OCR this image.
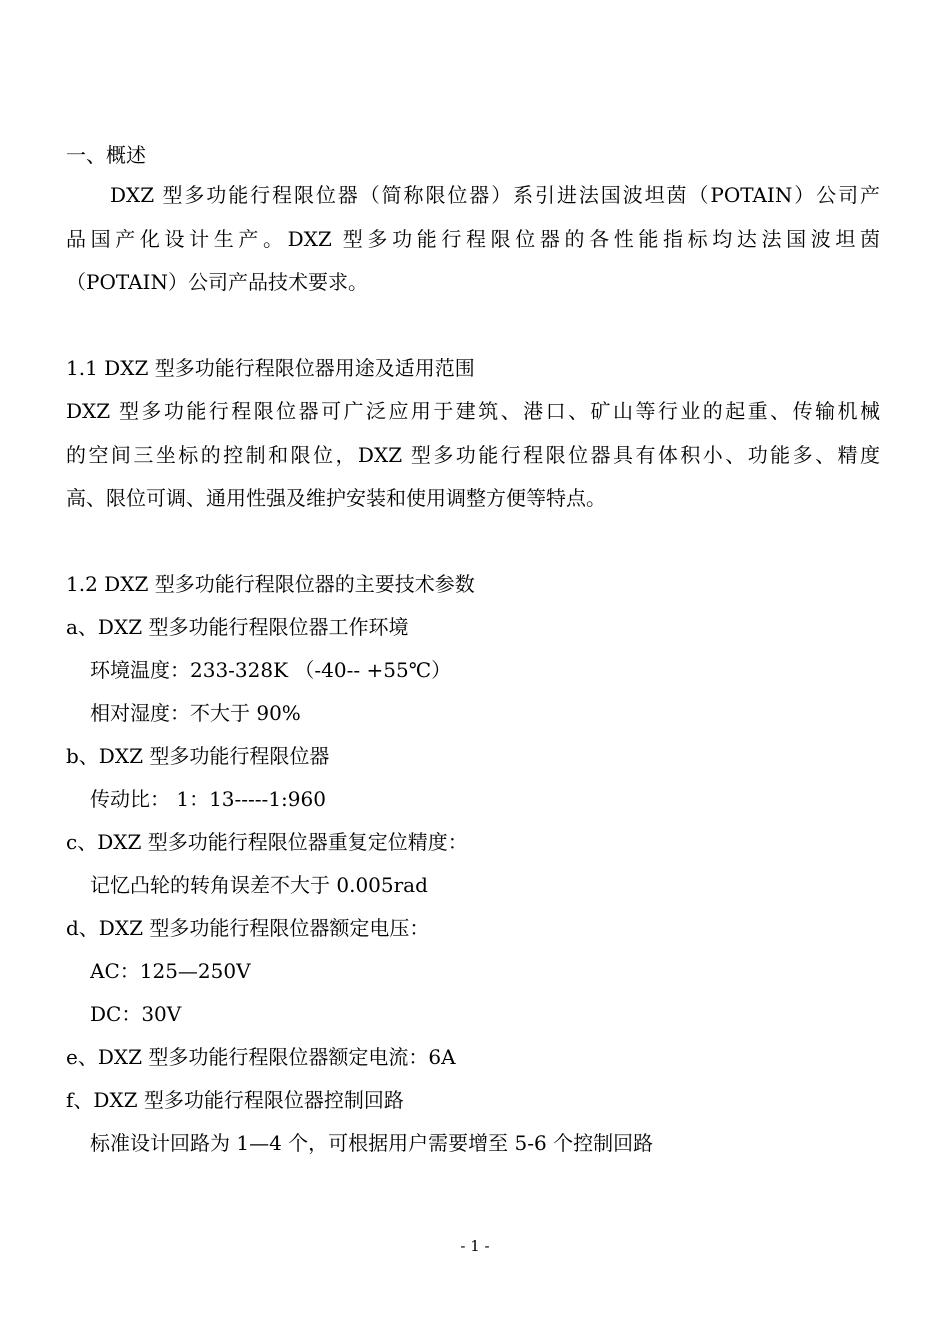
一、概述
DXZ 型多功能行程限位器（简称限位器）系引进法国波坦茵（POTAIN）公司产
品国产化设计生产。DXZ 型多功能行程限位器的各性能指标均达法国波坦茵
（POTAIN）公司产品技术要求。
1.1 DXZ 型多功能行程限位器用途及适用范围
DXZ 型多功能行程限位器可广泛应用于建筑、港口、矿山等行业的起重、传输机械
的空间三坐标的控制和限位，DXZ 型多功能行程限位器具有体积小、功能多、精度
高、限位可调、通用性强及维护安装和使用调整方便等特点。
1.2 DXZ 型多功能行程限位器的主要技术参数
a、DXZ 型多功能行程限位器工作环境
环境温度：233-328K （-40-- +55℃）
相对湿度：不大于 90%
b、DXZ 型多功能行程限位器
传动比： 1：13-----1:960
c、DXZ 型多功能行程限位器重复定位精度：
记忆凸轮的转角误差不大于 0.005rad
d、DXZ 型多功能行程限位器额定电压：
AC：125—250V
DC：30V
e、DXZ 型多功能行程限位器额定电流：6A
f、DXZ 型多功能行程限位器控制回路
标准设计回路为 1—4 个，可根据用户需要增至 5-6 个控制回路
- 1 -
